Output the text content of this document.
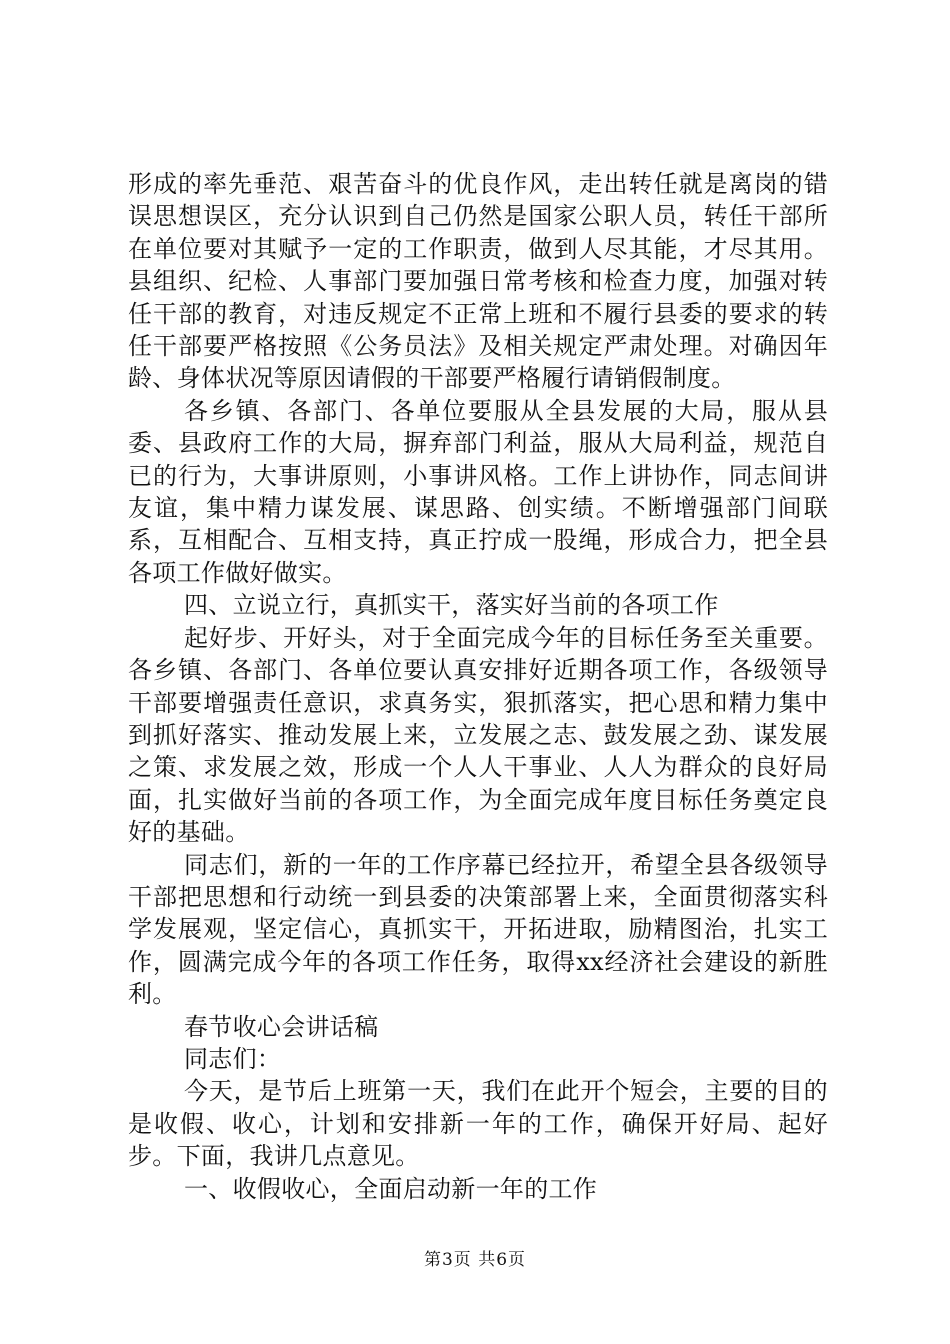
形成的率先垂范、艰苦奋斗的优良作风，走出转任就是离岗的错误思想误区，充分认识到自己仍然是国家公职人员，转任干部所在单位要对其赋予一定的工作职责，做到人尽其能，才尽其用。县组织、纪检、人事部门要加强日常考核和检查力度，加强对转任干部的教育，对违反规定不正常上班和不履行县委的要求的转任干部要严格按照《公务员法》及相关规定严肃处理。对确因年龄、身体状况等原因请假的干部要严格履行请销假制度。

各乡镇、各部门、各单位要服从全县发展的大局，服从县委、县政府工作的大局，摒弃部门利益，服从大局利益，规范自已的行为，大事讲原则，小事讲风格。工作上讲协作，同志间讲友谊，集中精力谋发展、谋思路、创实绩。不断增强部门间联系，互相配合、互相支持，真正拧成一股绳，形成合力，把全县各项工作做好做实。

四、立说立行，真抓实干，落实好当前的各项工作

起好步、开好头，对于全面完成今年的目标任务至关重要。各乡镇、各部门、各单位要认真安排好近期各项工作，各级领导干部要增强责任意识，求真务实，狠抓落实，把心思和精力集中到抓好落实、推动发展上来，立发展之志、鼓发展之劲、谋发展之策、求发展之效，形成一个人人干事业、人人为群众的良好局面，扎实做好当前的各项工作，为全面完成年度目标任务奠定良好的基础。

同志们，新的一年的工作序幕已经拉开，希望全县各级领导干部把思想和行动统一到县委的决策部署上来，全面贯彻落实科学发展观，坚定信心，真抓实干，开拓进取，励精图治，扎实工作，圆满完成今年的各项工作任务，取得xx经济社会建设的新胜利。

春节收心会讲话稿

同志们：

今天，是节后上班第一天，我们在此开个短会，主要的目的是收假、收心，计划和安排新一年的工作，确保开好局、起好步。下面，我讲几点意见。

一、收假收心，全面启动新一年的工作

第3页 共6页
